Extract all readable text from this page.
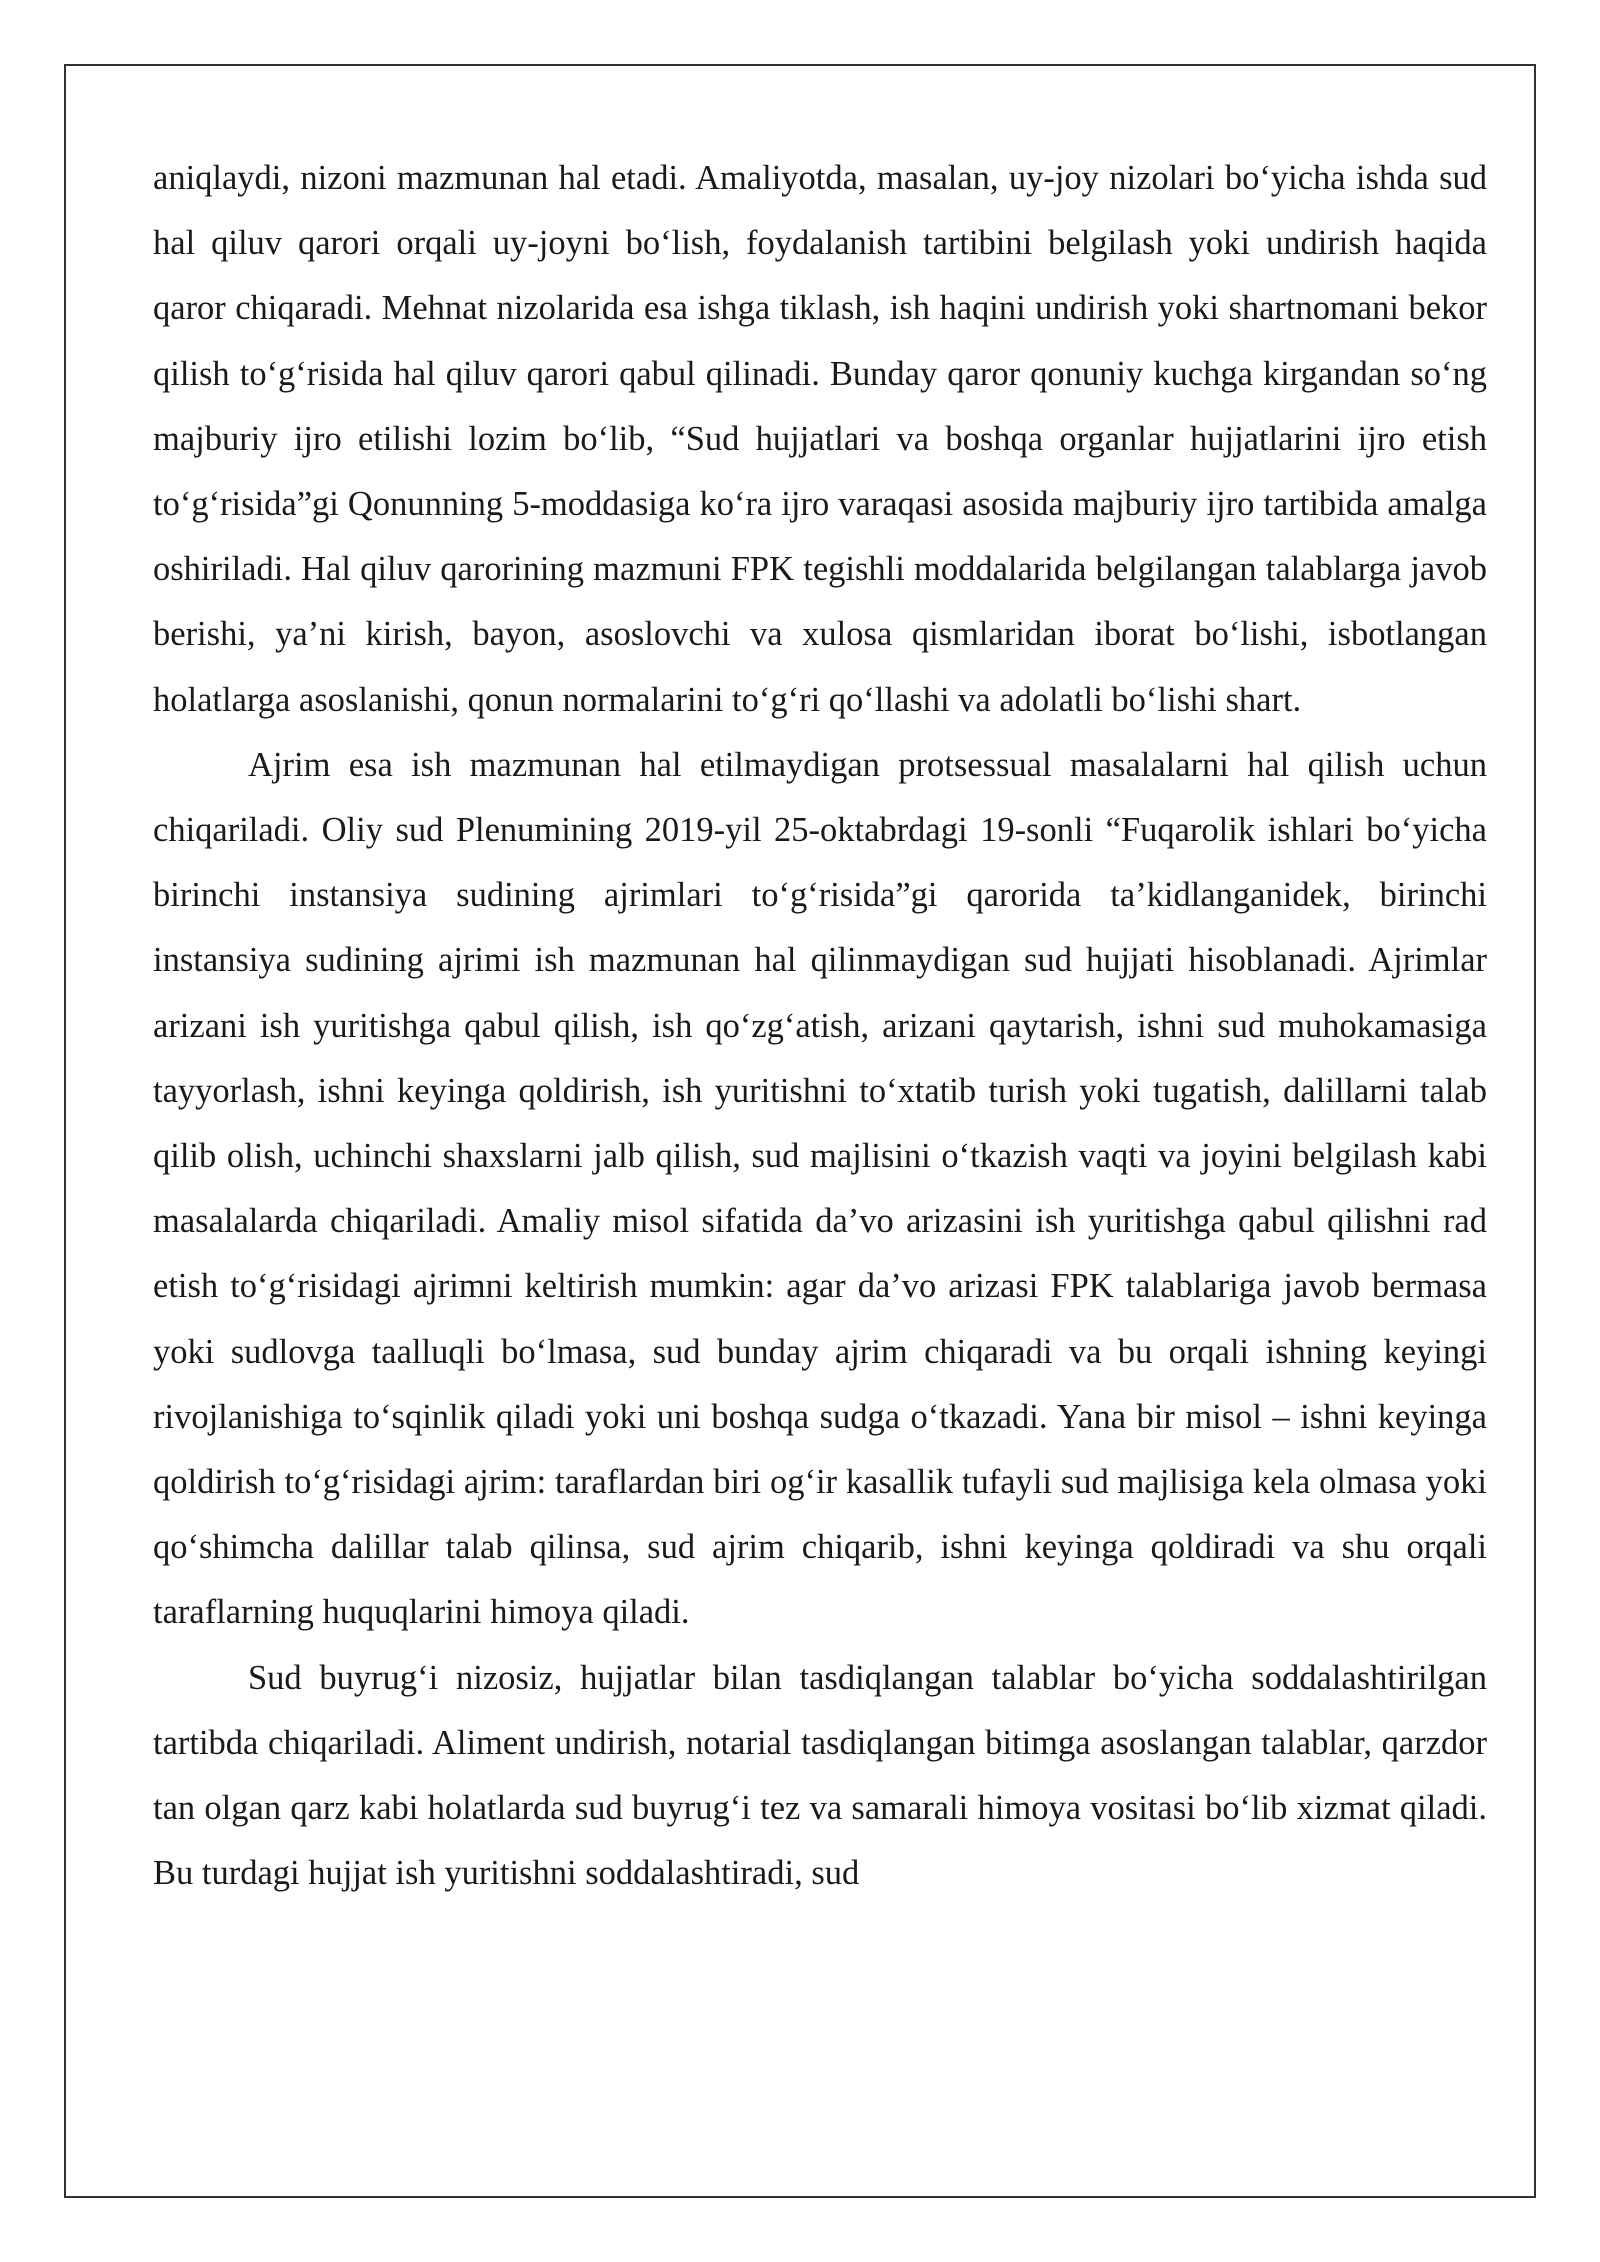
aniqlaydi, nizoni mazmunan hal etadi. Amaliyotda, masalan, uy-joy nizolari bo‘yicha ishda sud hal qiluv qarori orqali uy-joyni bo‘lish, foydalanish tartibini belgilash yoki undirish haqida qaror chiqaradi. Mehnat nizolarida esa ishga tiklash, ish haqini undirish yoki shartnomani bekor qilish to‘g‘risida hal qiluv qarori qabul qilinadi. Bunday qaror qonuniy kuchga kirgandan so‘ng majburiy ijro etilishi lozim bo‘lib, “Sud hujjatlari va boshqa organlar hujjatlarini ijro etish to‘g‘risida”gi Qonunning 5-moddasiga ko‘ra ijro varaqasi asosida majburiy ijro tartibida amalga oshiriladi. Hal qiluv qarorining mazmuni FPK tegishli moddalarida belgilangan talablarga javob berishi, ya’ni kirish, bayon, asoslovchi va xulosa qismlaridan iborat bo‘lishi, isbotlangan holatlarga asoslanishi, qonun normalarini to‘g‘ri qo‘llashi va adolatli bo‘lishi shart.

Ajrim esa ish mazmunan hal etilmaydigan protsessual masalalarni hal qilish uchun chiqariladi. Oliy sud Plenumining 2019-yil 25-oktabrdagi 19-sonli “Fuqarolik ishlari bo‘yicha birinchi instansiya sudining ajrimlari to‘g‘risida”gi qarorida ta’kidlanganidek, birinchi instansiya sudining ajrimi ish mazmunan hal qilinmaydigan sud hujjati hisoblanadi. Ajrimlar arizani ish yuritishga qabul qilish, ish qo‘zg‘atish, arizani qaytarish, ishni sud muhokamasiga tayyorlash, ishni keyinga qoldirish, ish yuritishni to‘xtatib turish yoki tugatish, dalillarni talab qilib olish, uchinchi shaxslarni jalb qilish, sud majlisini o‘tkazish vaqti va joyini belgilash kabi masalalarda chiqariladi. Amaliy misol sifatida da’vo arizasini ish yuritishga qabul qilishni rad etish to‘g‘risidagi ajrimni keltirish mumkin: agar da’vo arizasi FPK talablariga javob bermasa yoki sudlovga taalluqli bo‘lmasa, sud bunday ajrim chiqaradi va bu orqali ishning keyingi rivojlanishiga to‘sqinlik qiladi yoki uni boshqa sudga o‘tkazadi. Yana bir misol – ishni keyinga qoldirish to‘g‘risidagi ajrim: taraflardan biri og‘ir kasallik tufayli sud majlisiga kela olmasa yoki qo‘shimcha dalillar talab qilinsa, sud ajrim chiqarib, ishni keyinga qoldiradi va shu orqali taraflarning huquqlarini himoya qiladi.

Sud buyrug‘i nizosiz, hujjatlar bilan tasdiqlangan talablar bo‘yicha soddalashtirilgan tartibda chiqariladi. Aliment undirish, notarial tasdiqlangan bitimga asoslangan talablar, qarzdor tan olgan qarz kabi holatlarda sud buyrug‘i tez va samarali himoya vositasi bo‘lib xizmat qiladi. Bu turdagi hujjat ish yuritishni soddalashtiradi, sud
